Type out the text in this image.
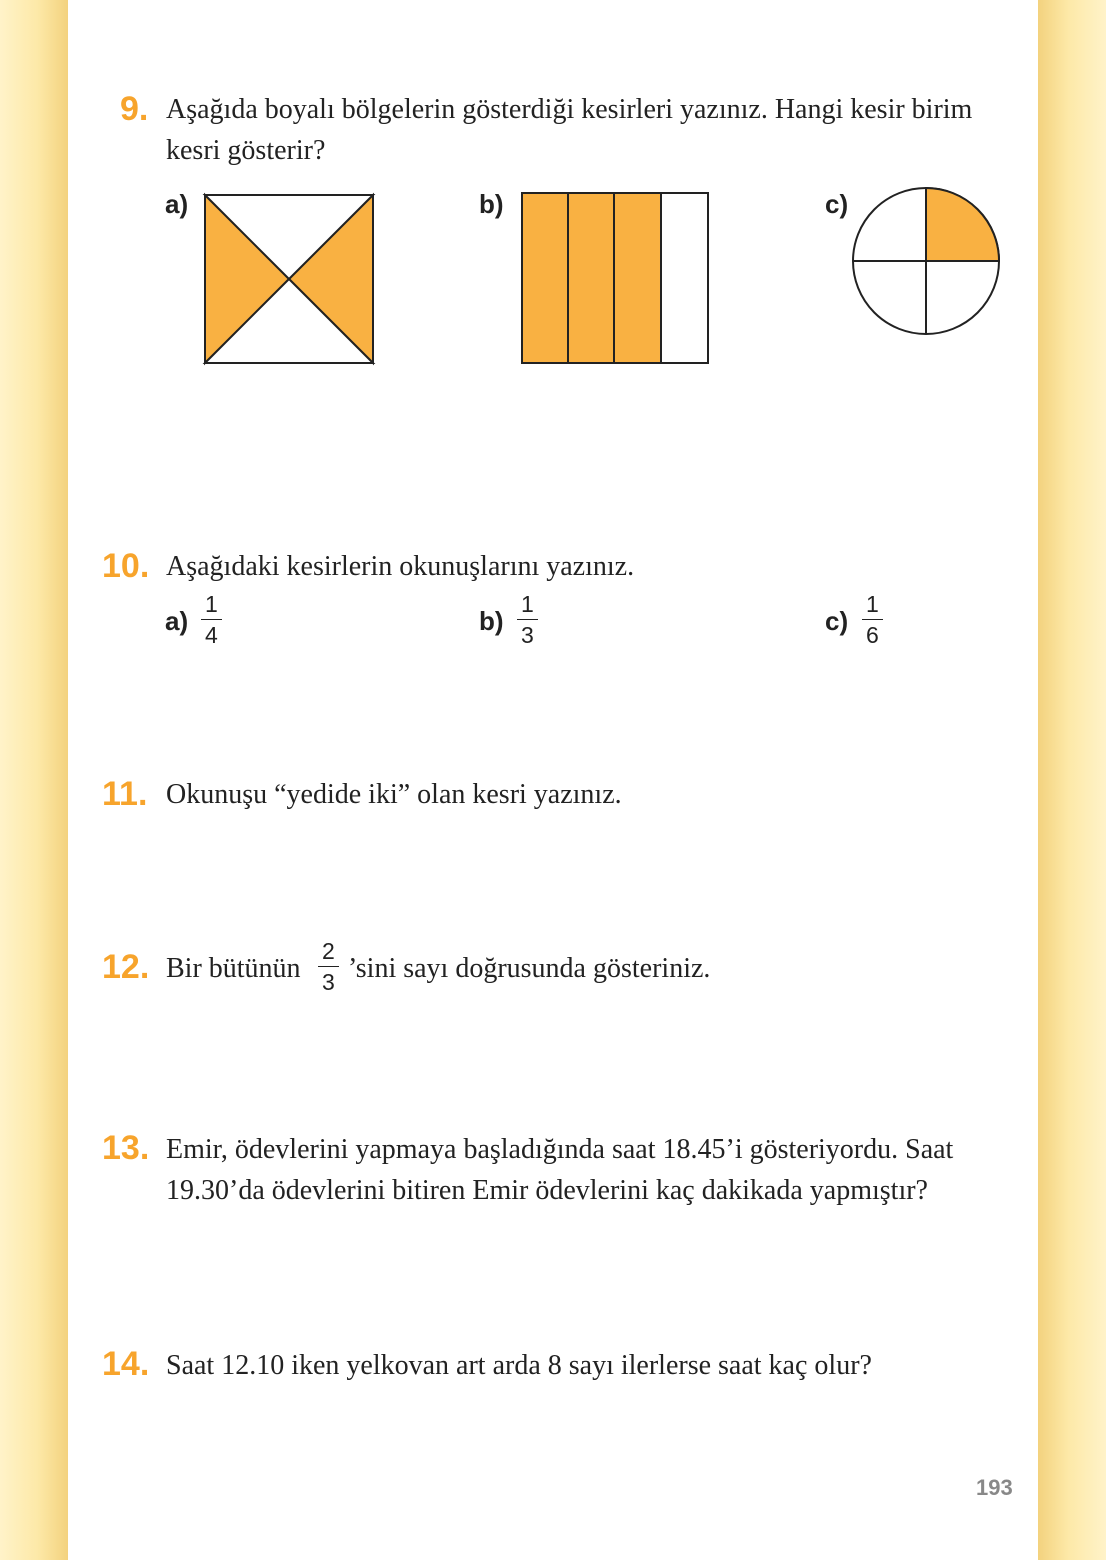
9. Aşağıda boyalı bölgelerin gösterdiği kesirleri yazınız. Hangi kesir birim
kesri gösterir?
a)	b)	c)
10. Aşağıdaki kesirlerin okunuşlarını yazınız.
$a) \frac{1}{4}$	$b) \frac{1}{3}$	$c) \frac{1}{6}$
11. Okunuşu “yedide iki” olan kesri yazınız.
12. Bir bütünün $\frac{2}{3}$ ’sini sayı doğrusunda gösteriniz.
13. Emir, ödevlerini yapmaya başladığında saat 18.45’i gösteriyordu. Saat
19.30’da ödevlerini bitiren Emir ödevlerini kaç dakikada yapmıştır?
14. Saat 12.10 iken yelkovan art arda 8 sayı ilerlerse saat kaç olur?
193
